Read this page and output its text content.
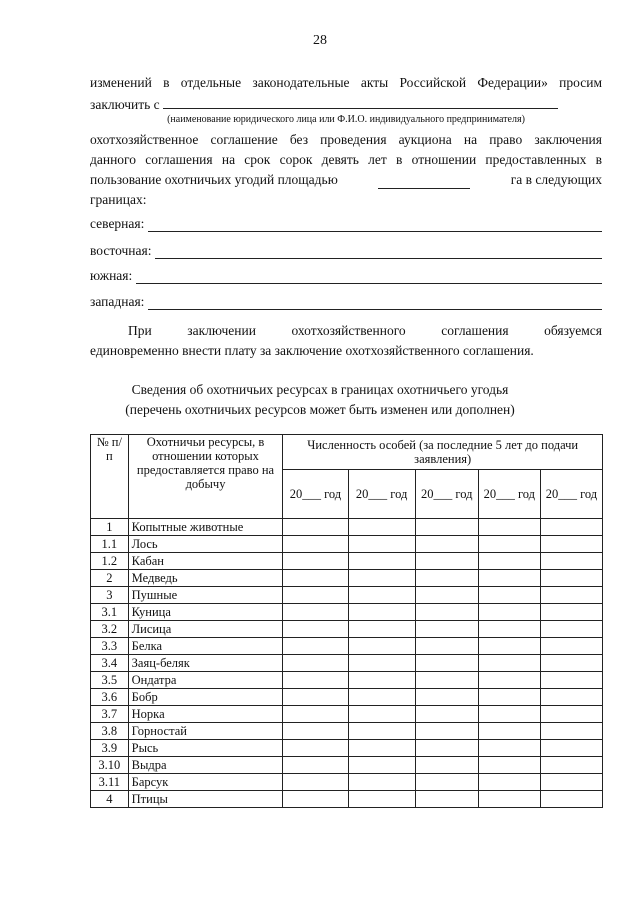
28
изменений в отдельные законодательные акты Российской Федерации» просим
заключить с
(наименование юридического лица или Ф.И.О. индивидуального предпринимателя)
охотхозяйственное соглашение без проведения аукциона на право заключения
данного соглашения на срок сорок девять лет в отношении предоставленных в
пользование охотничьих угодий площадью	га в следующих
границах:
северная:
восточная:
южная:
западная:
При заключении охотхозяйственного соглашения обязуемся
единовременно внести плату за заключение охотхозяйственного соглашения.
Сведения об охотничьих ресурсах в границах охотничьего угодья
(перечень охотничьих ресурсов может быть изменен или дополнен)
№ п/п	Охотничьи ресурсы, в отношении которых предоставляется право на добычу	Численность особей (за последние 5 лет до подачи заявления)				
		20___ год	20___ год	20___ год	20___ год	20___ год
1	Копытные животные					
1.1	Лось					
1.2	Кабан					
2	Медведь					
3	Пушные					
3.1	Куница					
3.2	Лисица					
3.3	Белка					
3.4	Заяц-беляк					
3.5	Ондатра					
3.6	Бобр					
3.7	Норка					
3.8	Горностай					
3.9	Рысь					
3.10	Выдра					
3.11	Барсук					
4	Птицы					
